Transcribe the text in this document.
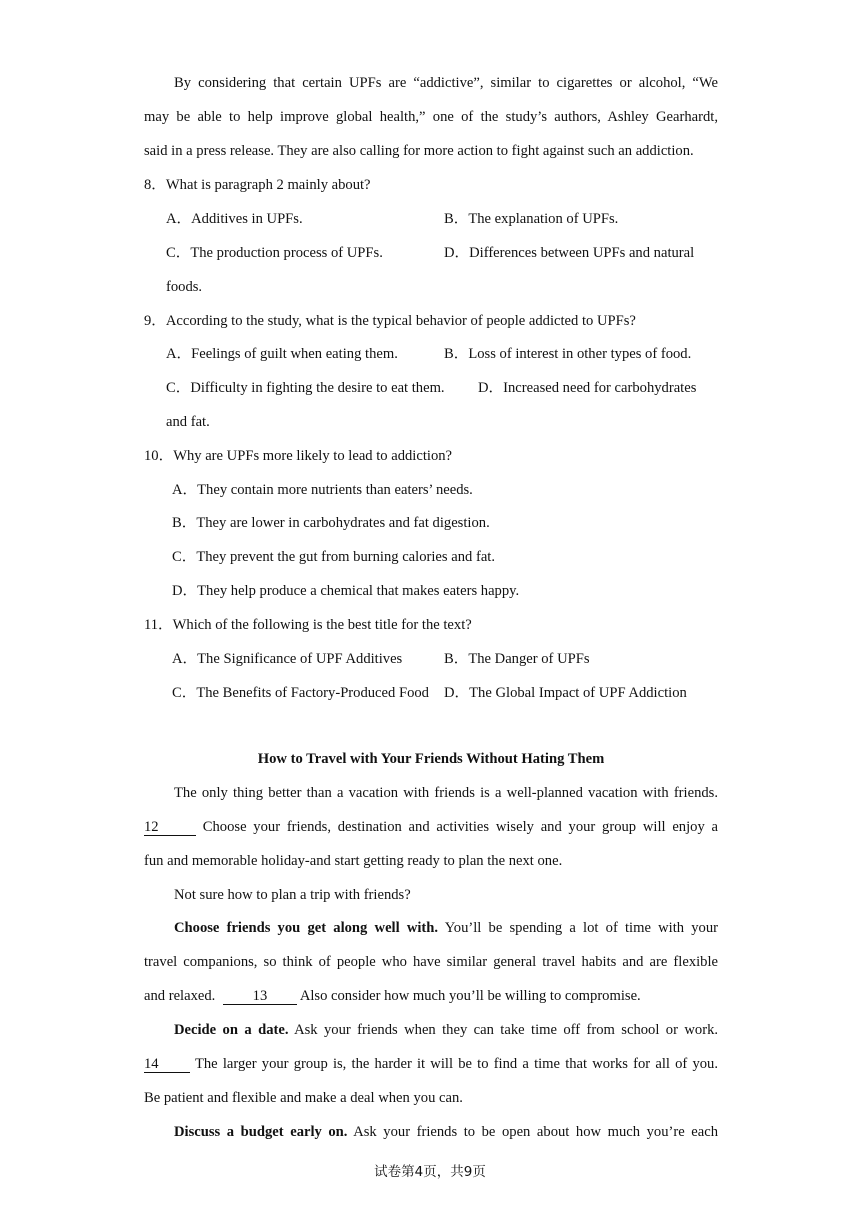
By considering that certain UPFs are “addictive”, similar to cigarettes or alcohol, “We
may be able to help improve global health,” one of the study’s authors, Ashley Gearhardt,
said in a press release. They are also calling for more action to fight against such an addiction.
8．What is paragraph 2 mainly about?
A．Additives in UPFs.	B．The explanation of UPFs.
C．The production process of UPFs.	D．Differences between UPFs and natural
foods.
9．According to the study, what is the typical behavior of people addicted to UPFs?
A．Feelings of guilt when eating them.	B．Loss of interest in other types of food.
C．Difficulty in fighting the desire to eat them. D．Increased need for carbohydrates
and fat.
10．Why are UPFs more likely to lead to addiction?
A．They contain more nutrients than eaters’ needs.
B．They are lower in carbohydrates and fat digestion.
C．They prevent the gut from burning calories and fat.
D．They help produce a chemical that makes eaters happy.
11．Which of the following is the best title for the text?
A．The Significance of UPF Additives	B．The Danger of UPFs
C．The Benefits of Factory-Produced Food D．The Global Impact of UPF Addiction
How to Travel with Your Friends Without Hating Them
The only thing better than a vacation with friends is a well-planned vacation with friends.
12	Choose your friends, destination and activities wisely and your group will enjoy a
fun and memorable holiday-and start getting ready to plan the next one.
Not sure how to plan a trip with friends?
Choose friends you get along well with. You’ll be spending a lot of time with your
travel companions, so think of people who have similar general travel habits and are flexible
and relaxed.	13 Also consider how much you’ll be willing to compromise.
Decide on a date. Ask your friends when they can take time off from school or work.
14 The larger your group is, the harder it will be to find a time that works for all of you.
Be patient and flexible and make a deal when you can.
Discuss a budget early on. Ask your friends to be open about how much you’re each
试卷第4页，共9页
